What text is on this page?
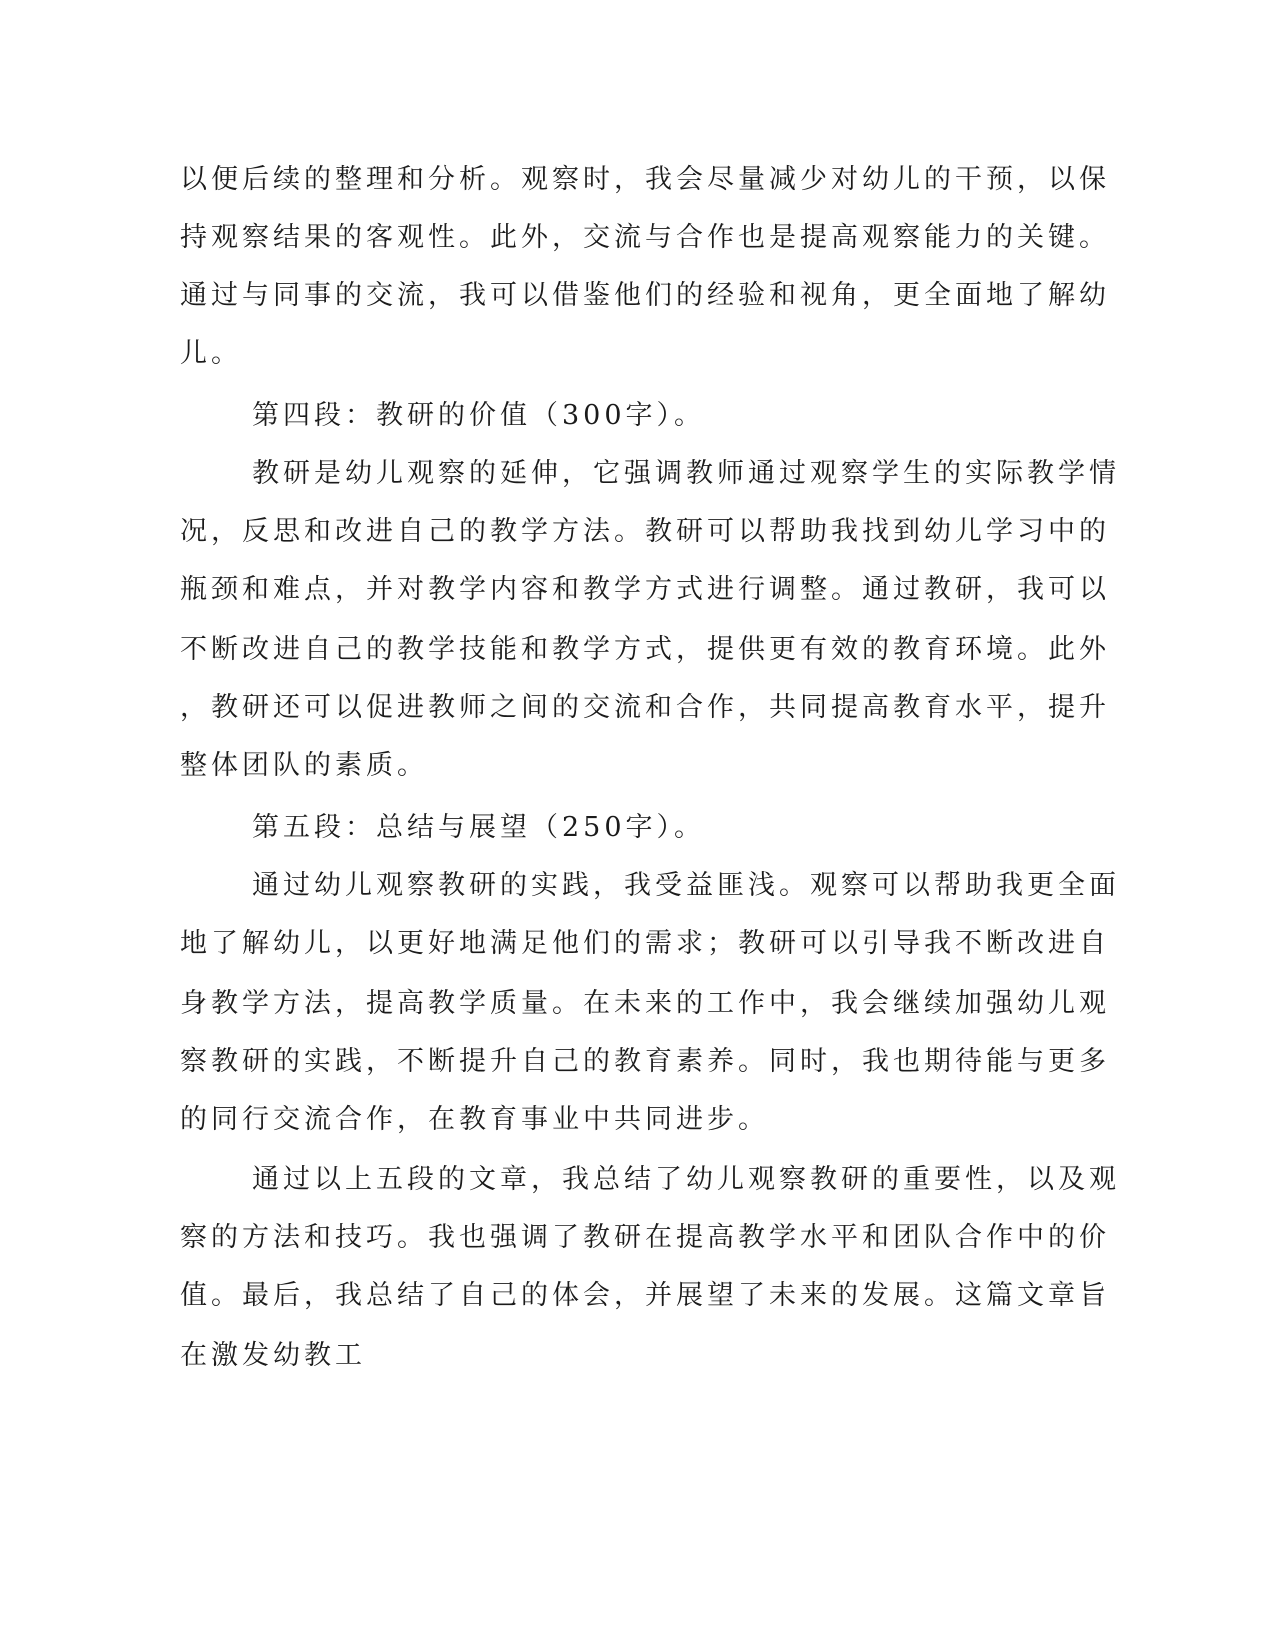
以便后续的整理和分析。观察时，我会尽量减少对幼儿的干预，以保

持观察结果的客观性。此外，交流与合作也是提高观察能力的关键。

通过与同事的交流，我可以借鉴他们的经验和视角，更全面地了解幼

儿。

第四段：教研的价值（300字）。

教研是幼儿观察的延伸，它强调教师通过观察学生的实际教学情

况，反思和改进自己的教学方法。教研可以帮助我找到幼儿学习中的

瓶颈和难点，并对教学内容和教学方式进行调整。通过教研，我可以

不断改进自己的教学技能和教学方式，提供更有效的教育环境。此外

，教研还可以促进教师之间的交流和合作，共同提高教育水平，提升

整体团队的素质。

第五段：总结与展望（250字）。

通过幼儿观察教研的实践，我受益匪浅。观察可以帮助我更全面

地了解幼儿，以更好地满足他们的需求；教研可以引导我不断改进自

身教学方法，提高教学质量。在未来的工作中，我会继续加强幼儿观

察教研的实践，不断提升自己的教育素养。同时，我也期待能与更多

的同行交流合作，在教育事业中共同进步。

通过以上五段的文章，我总结了幼儿观察教研的重要性，以及观

察的方法和技巧。我也强调了教研在提高教学水平和团队合作中的价

值。最后，我总结了自己的体会，并展望了未来的发展。这篇文章旨

在激发幼教工
